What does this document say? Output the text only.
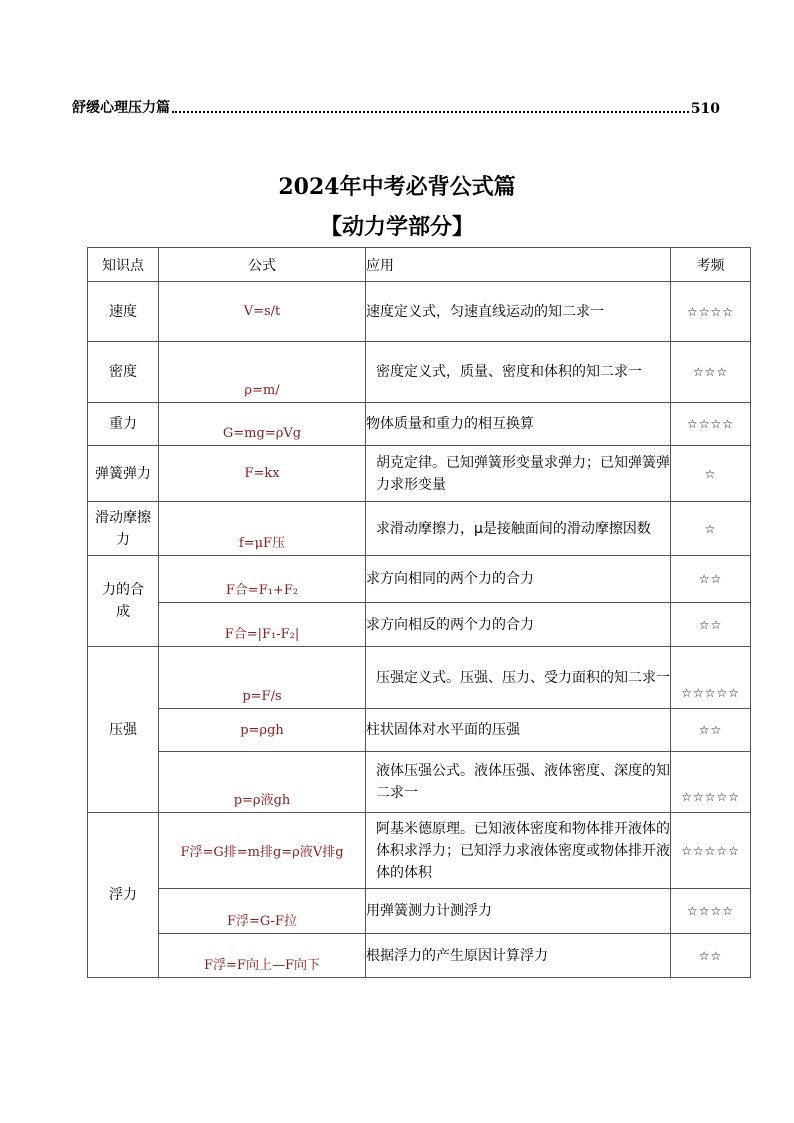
舒缓心理压力篇	510
2024年中考必背公式篇
【动力学部分】
知识点	公式	应用	考频
速度	V=s/t	速度定义式，匀速直线运动的知二求一	☆☆☆☆
密度	ρ=m/	密度定义式，质量、密度和体积的知二求一	☆☆☆
重力	G=mg=ρVg	物体质量和重力的相互换算	☆☆☆☆
弹簧弹力	F=kx	胡克定律。已知弹簧形变量求弹力；已知弹簧弹力求形变量	☆
滑动摩擦力	f=μF压	求滑动摩擦力，μ是接触面间的滑动摩擦因数	☆
力的合成	F合=F₁+F₂	求方向相同的两个力的合力	☆☆
	F合=|F₁-F₂|	求方向相反的两个力的合力	☆☆
压强	p=F/s	压强定义式。压强、压力、受力面积的知二求一	☆☆☆☆☆
	p=ρgh	柱状固体对水平面的压强	☆☆
	p=ρ液gh	液体压强公式。液体压强、液体密度、深度的知二求一	☆☆☆☆☆
浮力	F浮=G排=m排g=ρ液V排g	阿基米德原理。已知液体密度和物体排开液体的体积求浮力；已知浮力求液体密度或物体排开液体的体积	☆☆☆☆☆
	F浮=G-F拉	用弹簧测力计测浮力	☆☆☆☆
	F浮=F向上—F向下	根据浮力的产生原因计算浮力	☆☆
